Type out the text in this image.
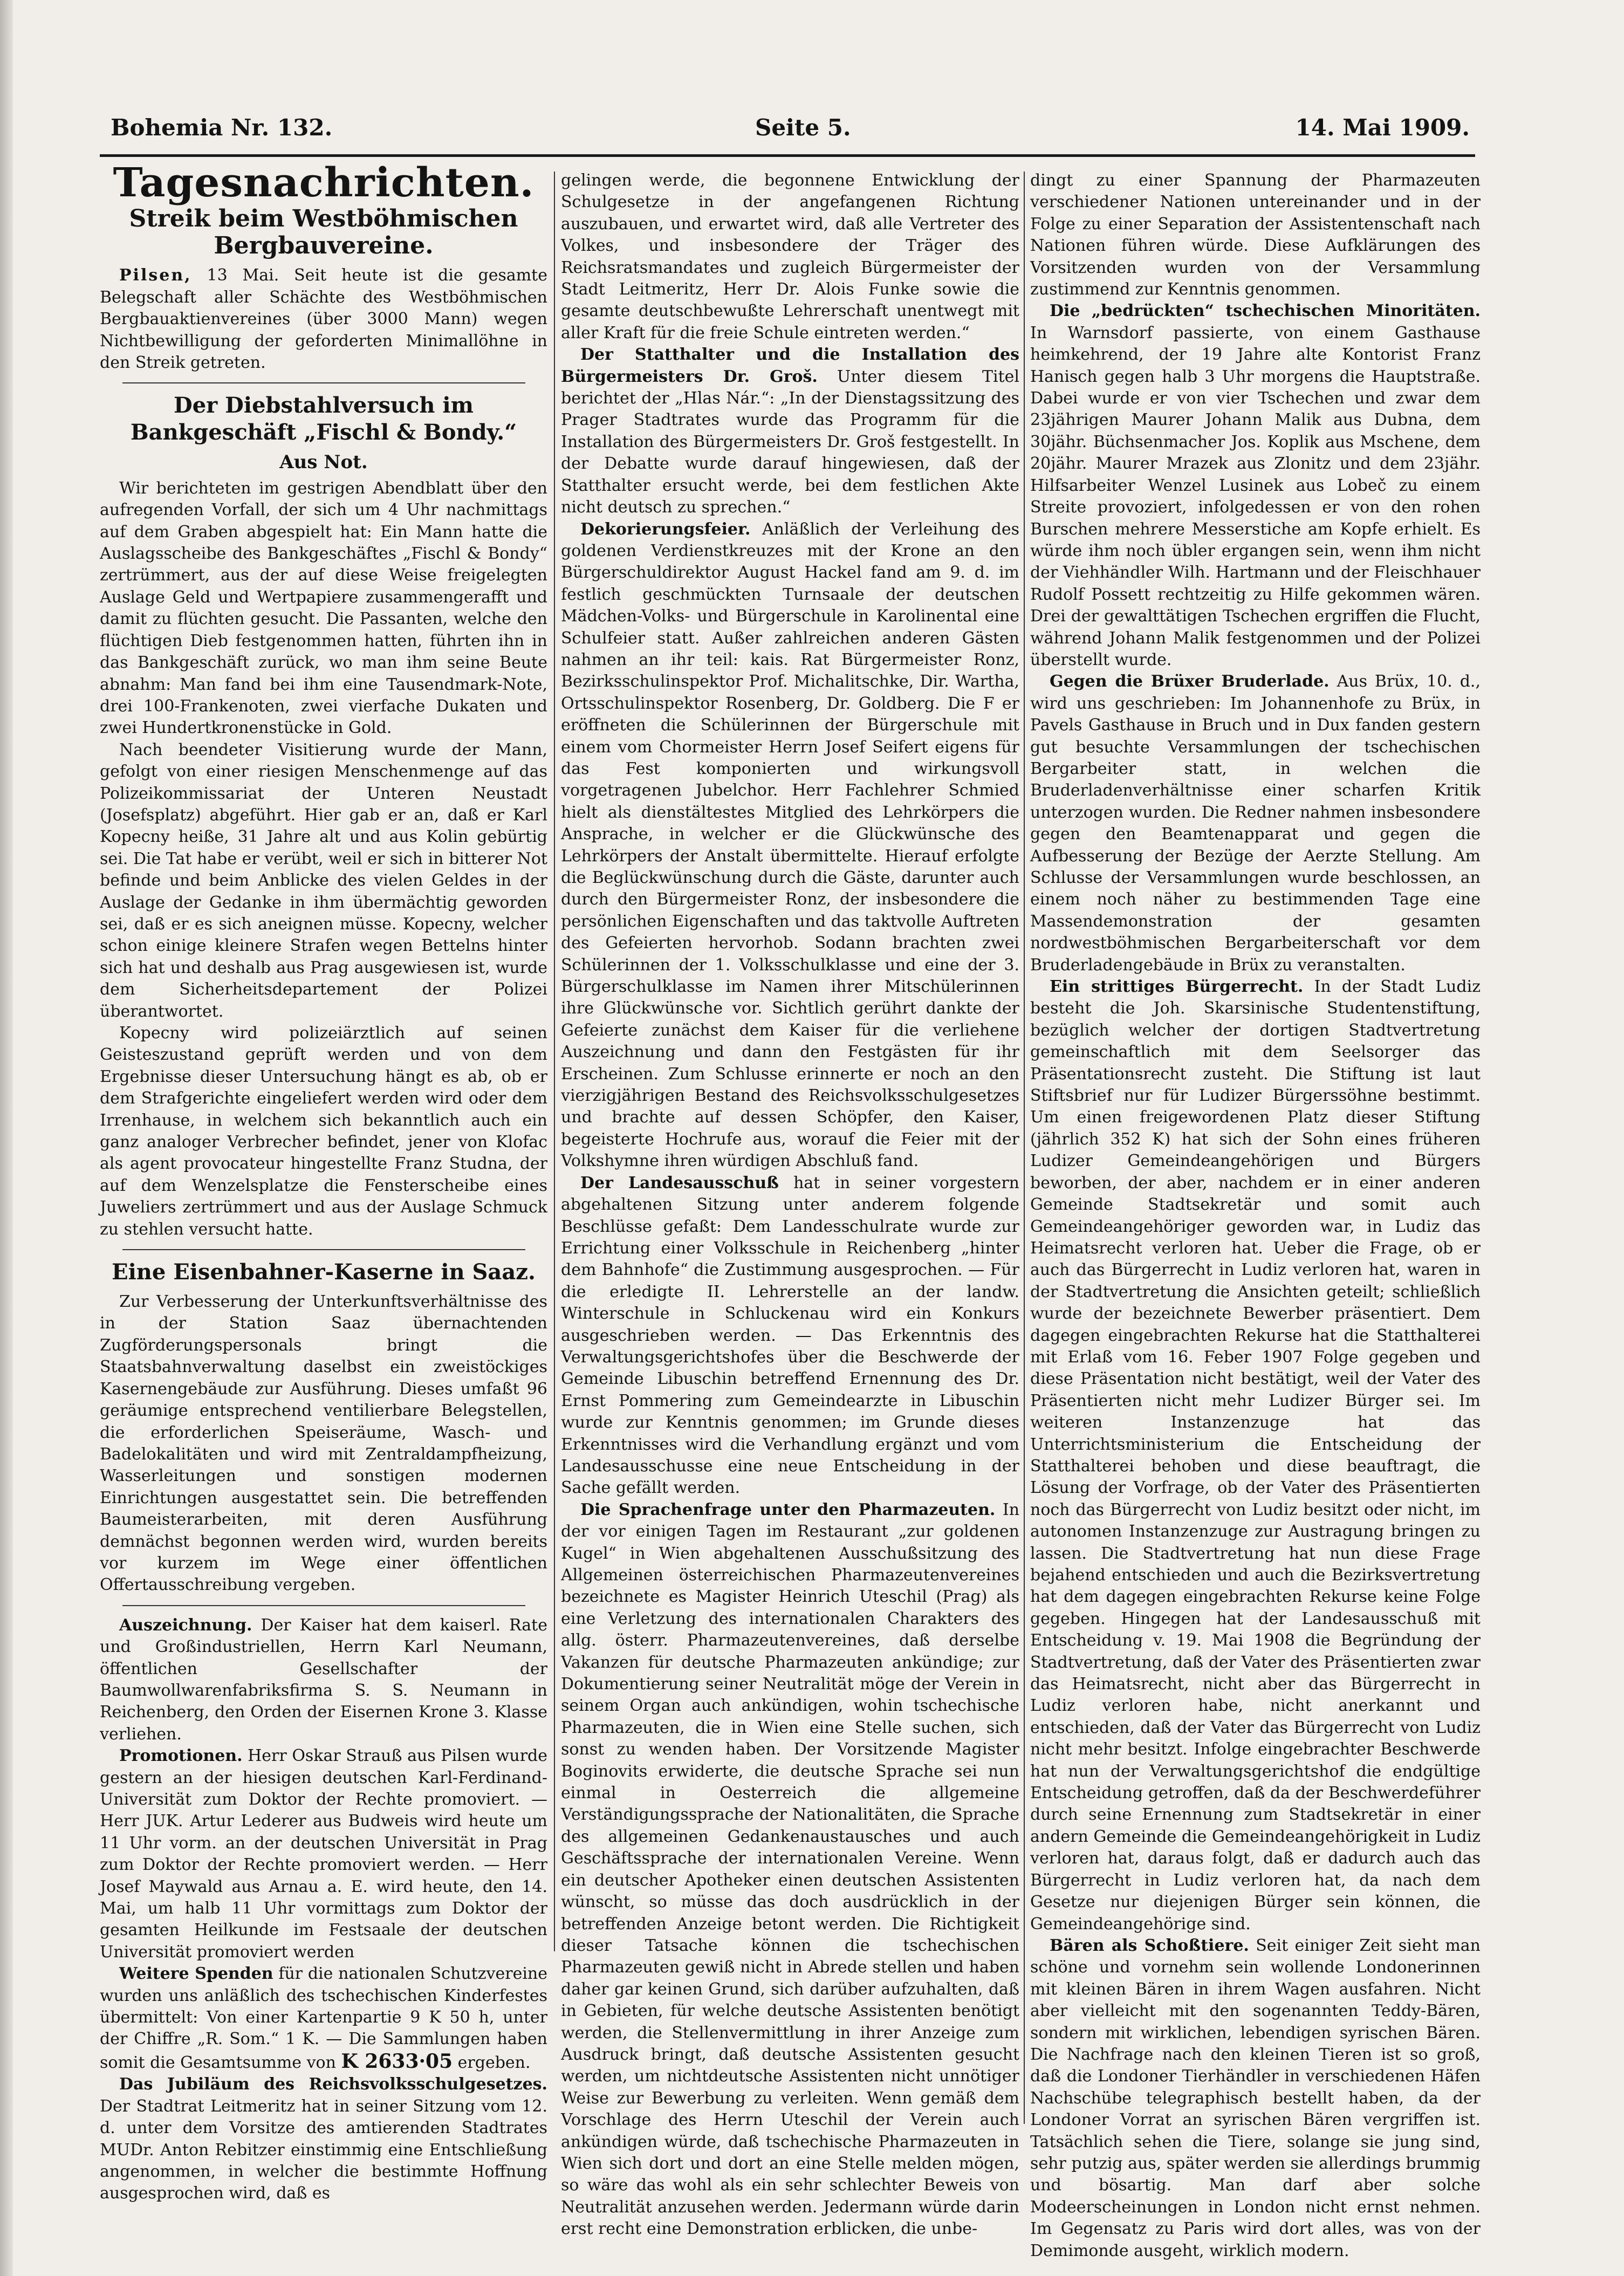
Bohemia Nr. 132.	Seite 5.	14. Mai 1909.
Tagesnachrichten.
Streik beim Westböhmischen Bergbauvereine.

Pilsen, 13 Mai. Seit heute ist die gesamte Belegschaft aller Schächte des Westböhmischen Bergbauaktienvereines (über 3000 Mann) wegen Nichtbewilligung der geforderten Minimallöhne in den Streik getreten.

Der Diebstahlversuch im Bankgeschäft „Fischl & Bondy.“
Aus Not.

Wir berichteten im gestrigen Abendblatt über den aufregenden Vorfall, der sich um 4 Uhr nachmittags auf dem Graben abgespielt hat: Ein Mann hatte die Auslagsscheibe des Bankgeschäftes „Fischl & Bondy“ zertrümmert, aus der auf diese Weise freigelegten Auslage Geld und Wertpapiere zusammengerafft und damit zu flüchten gesucht. Die Passanten, welche den flüchtigen Dieb festgenommen hatten, führten ihn in das Bankgeschäft zurück, wo man ihm seine Beute abnahm: Man fand bei ihm eine Tausendmark-Note, drei 100-Frankenoten, zwei vierfache Dukaten und zwei Hundertkronenstücke in Gold.

Nach beendeter Visitierung wurde der Mann, gefolgt von einer riesigen Menschenmenge auf das Polizeikommissariat der Unteren Neustadt (Josefsplatz) abgeführt. Hier gab er an, daß er Karl Kopecny heiße, 31 Jahre alt und aus Kolin gebürtig sei. Die Tat habe er verübt, weil er sich in bitterer Not befinde und beim Anblicke des vielen Geldes in der Auslage der Gedanke in ihm übermächtig geworden sei, daß er es sich aneignen müsse. Kopecny, welcher schon einige kleinere Strafen wegen Bettelns hinter sich hat und deshalb aus Prag ausgewiesen ist, wurde dem Sicherheitsdepartement der Polizei überantwortet.

Kopecny wird polizeiärztlich auf seinen Geisteszustand geprüft werden und von dem Ergebnisse dieser Untersuchung hängt es ab, ob er dem Strafgerichte eingeliefert werden wird oder dem Irrenhause, in welchem sich bekanntlich auch ein ganz analoger Verbrecher befindet, jener von Klofac als agent provocateur hingestellte Franz Studna, der auf dem Wenzelsplatze die Fensterscheibe eines Juweliers zertrümmert und aus der Auslage Schmuck zu stehlen versucht hatte.

Eine Eisenbahner-Kaserne in Saaz.

Zur Verbesserung der Unterkunftsverhältnisse des in der Station Saaz übernachtenden Zugförderungspersonals bringt die Staatsbahnverwaltung daselbst ein zweistöckiges Kasernengebäude zur Ausführung. Dieses umfaßt 96 geräumige entsprechend ventilierbare Belegstellen, die erforderlichen Speiseräume, Wasch- und Badelokalitäten und wird mit Zentraldampfheizung, Wasserleitungen und sonstigen modernen Einrichtungen ausgestattet sein. Die betreffenden Baumeisterarbeiten, mit deren Ausführung demnächst begonnen werden wird, wurden bereits vor kurzem im Wege einer öffentlichen Offertausschreibung vergeben.

Auszeichnung. Der Kaiser hat dem kaiserl. Rate und Großindustriellen, Herrn Karl Neumann, öffentlichen Gesellschafter der Baumwollwarenfabriksfirma S. S. Neumann in Reichenberg, den Orden der Eisernen Krone 3. Klasse verliehen.

Promotionen. Herr Oskar Strauß aus Pilsen wurde gestern an der hiesigen deutschen Karl-Ferdinand-Universität zum Doktor der Rechte promoviert. — Herr JUK. Artur Lederer aus Budweis wird heute um 11 Uhr vorm. an der deutschen Universität in Prag zum Doktor der Rechte promoviert werden. — Herr Josef Maywald aus Arnau a. E. wird heute, den 14. Mai, um halb 11 Uhr vormittags zum Doktor der gesamten Heilkunde im Festsaale der deutschen Universität promoviert werden

Weitere Spenden für die nationalen Schutzvereine wurden uns anläßlich des tschechischen Kinderfestes übermittelt: Von einer Kartenpartie 9 K 50 h, unter der Chiffre „R. Som.“ 1 K. — Die Sammlungen haben somit die Gesamtsumme von K 2633·05 ergeben.

Das Jubiläum des Reichsvolksschulgesetzes. Der Stadtrat Leitmeritz hat in seiner Sitzung vom 12. d. unter dem Vorsitze des amtierenden Stadtrates MUDr. Anton Rebitzer einstimmig eine Entschließung angenommen, in welcher die bestimmte Hoffnung ausgesprochen wird, daß es

gelingen werde, die begonnene Entwicklung der Schulgesetze in der angefangenen Richtung auszubauen, und erwartet wird, daß alle Vertreter des Volkes, und insbesondere der Träger des Reichsratsmandates und zugleich Bürgermeister der Stadt Leitmeritz, Herr Dr. Alois Funke sowie die gesamte deutschbewußte Lehrerschaft unentwegt mit aller Kraft für die freie Schule eintreten werden.“

Der Statthalter und die Installation des Bürgermeisters Dr. Groš. Unter diesem Titel berichtet der „Hlas Nár.“: „In der Dienstagssitzung des Prager Stadtrates wurde das Programm für die Installation des Bürgermeisters Dr. Groš festgestellt. In der Debatte wurde darauf hingewiesen, daß der Statthalter ersucht werde, bei dem festlichen Akte nicht deutsch zu sprechen.“

Dekorierungsfeier. Anläßlich der Verleihung des goldenen Verdienstkreuzes mit der Krone an den Bürgerschuldirektor August Hackel fand am 9. d. im festlich geschmückten Turnsaale der deutschen Mädchen-Volks- und Bürgerschule in Karolinental eine Schulfeier statt. Außer zahlreichen anderen Gästen nahmen an ihr teil: kais. Rat Bürgermeister Ronz, Bezirksschulinspektor Prof. Michalitschke, Dir. Wartha, Ortsschulinspektor Rosenberg, Dr. Goldberg. Die F er eröffneten die Schülerinnen der Bürgerschule mit einem vom Chormeister Herrn Josef Seifert eigens für das Fest komponierten und wirkungsvoll vorgetragenen Jubelchor. Herr Fachlehrer Schmied hielt als dienstältestes Mitglied des Lehrkörpers die Ansprache, in welcher er die Glückwünsche des Lehrkörpers der Anstalt übermittelte. Hierauf erfolgte die Beglückwünschung durch die Gäste, darunter auch durch den Bürgermeister Ronz, der insbesondere die persönlichen Eigenschaften und das taktvolle Auftreten des Gefeierten hervorhob. Sodann brachten zwei Schülerinnen der 1. Volksschulklasse und eine der 3. Bürgerschulklasse im Namen ihrer Mitschülerinnen ihre Glückwünsche vor. Sichtlich gerührt dankte der Gefeierte zunächst dem Kaiser für die verliehene Auszeichnung und dann den Festgästen für ihr Erscheinen. Zum Schlusse erinnerte er noch an den vierzigjährigen Bestand des Reichsvolksschulgesetzes und brachte auf dessen Schöpfer, den Kaiser, begeisterte Hochrufe aus, worauf die Feier mit der Volkshymne ihren würdigen Abschluß fand.

Der Landesausschuß hat in seiner vorgestern abgehaltenen Sitzung unter anderem folgende Beschlüsse gefaßt: Dem Landesschulrate wurde zur Errichtung einer Volksschule in Reichenberg „hinter dem Bahnhofe“ die Zustimmung ausgesprochen. — Für die erledigte II. Lehrerstelle an der landw. Winterschule in Schluckenau wird ein Konkurs ausgeschrieben werden. — Das Erkenntnis des Verwaltungsgerichtshofes über die Beschwerde der Gemeinde Libuschin betreffend Ernennung des Dr. Ernst Pommering zum Gemeindearzte in Libuschin wurde zur Kenntnis genommen; im Grunde dieses Erkenntnisses wird die Verhandlung ergänzt und vom Landesausschusse eine neue Entscheidung in der Sache gefällt werden.

Die Sprachenfrage unter den Pharmazeuten. In der vor einigen Tagen im Restaurant „zur goldenen Kugel“ in Wien abgehaltenen Ausschußsitzung des Allgemeinen österreichischen Pharmazeutenvereines bezeichnete es Magister Heinrich Uteschil (Prag) als eine Verletzung des internationalen Charakters des allg. österr. Pharmazeutenvereines, daß derselbe Vakanzen für deutsche Pharmazeuten ankündige; zur Dokumentierung seiner Neutralität möge der Verein in seinem Organ auch ankündigen, wohin tschechische Pharmazeuten, die in Wien eine Stelle suchen, sich sonst zu wenden haben. Der Vorsitzende Magister Boginovits erwiderte, die deutsche Sprache sei nun einmal in Oesterreich die allgemeine Verständigungssprache der Nationalitäten, die Sprache des allgemeinen Gedankenaustausches und auch Geschäftssprache der internationalen Vereine. Wenn ein deutscher Apotheker einen deutschen Assistenten wünscht, so müsse das doch ausdrücklich in der betreffenden Anzeige betont werden. Die Richtigkeit dieser Tatsache können die tschechischen Pharmazeuten gewiß nicht in Abrede stellen und haben daher gar keinen Grund, sich darüber aufzuhalten, daß in Gebieten, für welche deutsche Assistenten benötigt werden, die Stellenvermittlung in ihrer Anzeige zum Ausdruck bringt, daß deutsche Assistenten gesucht werden, um nichtdeutsche Assistenten nicht unnötiger Weise zur Bewerbung zu verleiten. Wenn gemäß dem Vorschlage des Herrn Uteschil der Verein auch ankündigen würde, daß tschechische Pharmazeuten in Wien sich dort und dort an eine Stelle melden mögen, so wäre das wohl als ein sehr schlechter Beweis von Neutralität anzusehen werden. Jedermann würde darin erst recht eine Demonstration erblicken, die unbe-

dingt zu einer Spannung der Pharmazeuten verschiedener Nationen untereinander und in der Folge zu einer Separation der Assistentenschaft nach Nationen führen würde. Diese Aufklärungen des Vorsitzenden wurden von der Versammlung zustimmend zur Kenntnis genommen.

Die „bedrückten“ tschechischen Minoritäten. In Warnsdorf passierte, von einem Gasthause heimkehrend, der 19 Jahre alte Kontorist Franz Hanisch gegen halb 3 Uhr morgens die Hauptstraße. Dabei wurde er von vier Tschechen und zwar dem 23jährigen Maurer Johann Malik aus Dubna, dem 30jähr. Büchsenmacher Jos. Koplik aus Mschene, dem 20jähr. Maurer Mrazek aus Zlonitz und dem 23jähr. Hilfsarbeiter Wenzel Lusinek aus Lobeč zu einem Streite provoziert, infolgedessen er von den rohen Burschen mehrere Messerstiche am Kopfe erhielt. Es würde ihm noch übler ergangen sein, wenn ihm nicht der Viehhändler Wilh. Hartmann und der Fleischhauer Rudolf Possett rechtzeitig zu Hilfe gekommen wären. Drei der gewalttätigen Tschechen ergriffen die Flucht, während Johann Malik festgenommen und der Polizei überstellt wurde.

Gegen die Brüxer Bruderlade. Aus Brüx, 10. d., wird uns geschrieben: Im Johannenhofe zu Brüx, in Pavels Gasthause in Bruch und in Dux fanden gestern gut besuchte Versammlungen der tschechischen Bergarbeiter statt, in welchen die Bruderladenverhältnisse einer scharfen Kritik unterzogen wurden. Die Redner nahmen insbesondere gegen den Beamtenapparat und gegen die Aufbesserung der Bezüge der Aerzte Stellung. Am Schlusse der Versammlungen wurde beschlossen, an einem noch näher zu bestimmenden Tage eine Massendemonstration der gesamten nordwestböhmischen Bergarbeiterschaft vor dem Bruderladengebäude in Brüx zu veranstalten.

Ein strittiges Bürgerrecht. In der Stadt Ludiz besteht die Joh. Skarsinische Studentenstiftung, bezüglich welcher der dortigen Stadtvertretung gemeinschaftlich mit dem Seelsorger das Präsentationsrecht zusteht. Die Stiftung ist laut Stiftsbrief nur für Ludizer Bürgerssöhne bestimmt. Um einen freigewordenen Platz dieser Stiftung (jährlich 352 K) hat sich der Sohn eines früheren Ludizer Gemeindeangehörigen und Bürgers beworben, der aber, nachdem er in einer anderen Gemeinde Stadtsekretär und somit auch Gemeindeangehöriger geworden war, in Ludiz das Heimatsrecht verloren hat. Ueber die Frage, ob er auch das Bürgerrecht in Ludiz verloren hat, waren in der Stadtvertretung die Ansichten geteilt; schließlich wurde der bezeichnete Bewerber präsentiert. Dem dagegen eingebrachten Rekurse hat die Statthalterei mit Erlaß vom 16. Feber 1907 Folge gegeben und diese Präsentation nicht bestätigt, weil der Vater des Präsentierten nicht mehr Ludizer Bürger sei. Im weiteren Instanzenzuge hat das Unterrichtsministerium die Entscheidung der Statthalterei behoben und diese beauftragt, die Lösung der Vorfrage, ob der Vater des Präsentierten noch das Bürgerrecht von Ludiz besitzt oder nicht, im autonomen Instanzenzuge zur Austragung bringen zu lassen. Die Stadtvertretung hat nun diese Frage bejahend entschieden und auch die Bezirksvertretung hat dem dagegen eingebrachten Rekurse keine Folge gegeben. Hingegen hat der Landesausschuß mit Entscheidung v. 19. Mai 1908 die Begründung der Stadtvertretung, daß der Vater des Präsentierten zwar das Heimatsrecht, nicht aber das Bürgerrecht in Ludiz verloren habe, nicht anerkannt und entschieden, daß der Vater das Bürgerrecht von Ludiz nicht mehr besitzt. Infolge eingebrachter Beschwerde hat nun der Verwaltungsgerichtshof die endgültige Entscheidung getroffen, daß da der Beschwerdeführer durch seine Ernennung zum Stadtsekretär in einer andern Gemeinde die Gemeindeangehörigkeit in Ludiz verloren hat, daraus folgt, daß er dadurch auch das Bürgerrecht in Ludiz verloren hat, da nach dem Gesetze nur diejenigen Bürger sein können, die Gemeindeangehörige sind.

Bären als Schoßtiere. Seit einiger Zeit sieht man schöne und vornehm sein wollende Londonerinnen mit kleinen Bären in ihrem Wagen ausfahren. Nicht aber vielleicht mit den sogenannten Teddy-Bären, sondern mit wirklichen, lebendigen syrischen Bären. Die Nachfrage nach den kleinen Tieren ist so groß, daß die Londoner Tierhändler in verschiedenen Häfen Nachschübe telegraphisch bestellt haben, da der Londoner Vorrat an syrischen Bären vergriffen ist. Tatsächlich sehen die Tiere, solange sie jung sind, sehr putzig aus, später werden sie allerdings brummig und bösartig. Man darf aber solche Modeerscheinungen in London nicht ernst nehmen. Im Gegensatz zu Paris wird dort alles, was von der Demimonde ausgeht, wirklich modern.
